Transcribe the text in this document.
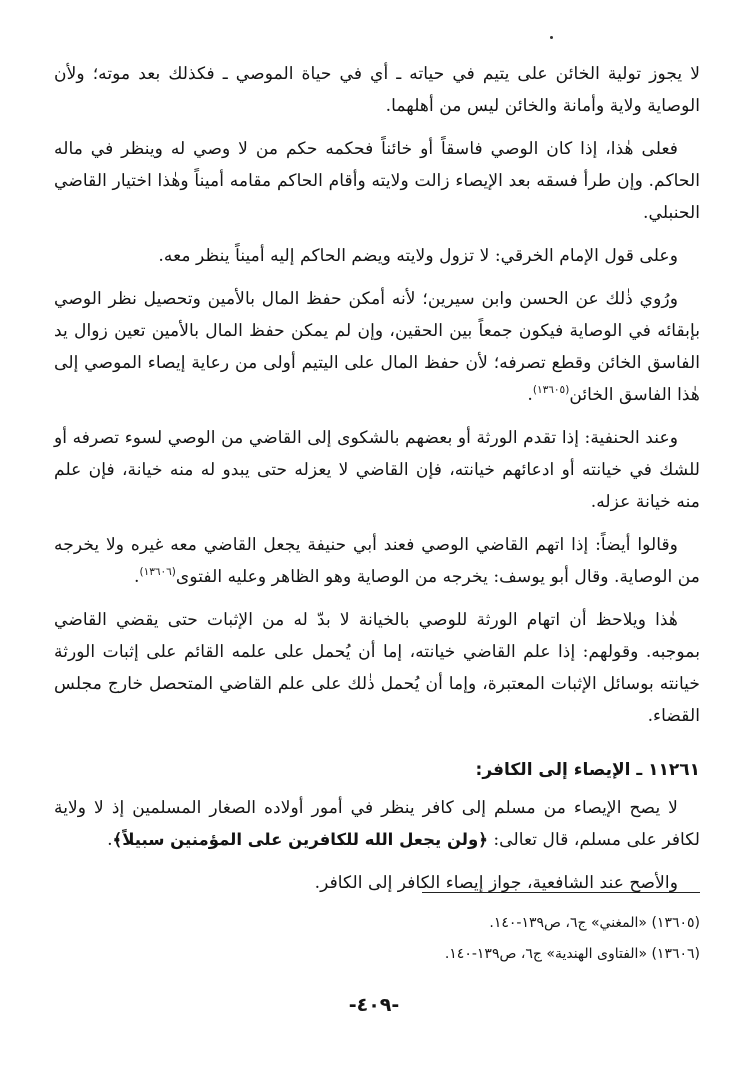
لا يجوز تولية الخائن على يتيم في حياته ـ أي في حياة الموصي ـ فكذلك بعد موته؛ ولأن الوصاية ولاية وأمانة والخائن ليس من أهلهما.

فعلى هٰذا، إذا كان الوصي فاسقاً أو خائناً فحكمه حكم من لا وصي له وينظر في ماله الحاكم. وإن طرأ فسقه بعد الإيصاء زالت ولايته وأقام الحاكم مقامه أميناً وهٰذا اختيار القاضي الحنبلي.

وعلى قول الإمام الخرقي: لا تزول ولايته ويضم الحاكم إليه أميناً ينظر معه.

ورُوي ذٰلك عن الحسن وابن سيرين؛ لأنه أمكن حفظ المال بالأمين وتحصيل نظر الوصي بإبقائه في الوصاية فيكون جمعاً بين الحقين، وإن لم يمكن حفظ المال بالأمين تعين زوال يد الفاسق الخائن وقطع تصرفه؛ لأن حفظ المال على اليتيم أولى من رعاية إيصاء الموصي إلى هٰذا الفاسق الخائن$^{(١٣٦٠٥)}$.

وعند الحنفية: إذا تقدم الورثة أو بعضهم بالشكوى إلى القاضي من الوصي لسوء تصرفه أو للشك في خيانته أو ادعائهم خيانته، فإن القاضي لا يعزله حتى يبدو له منه خيانة، فإن علم منه خيانة عزله.

وقالوا أيضاً: إذا اتهم القاضي الوصي فعند أبي حنيفة يجعل القاضي معه غيره ولا يخرجه من الوصاية. وقال أبو يوسف: يخرجه من الوصاية وهو الظاهر وعليه الفتوى$^{(١٣٦٠٦)}$.

هٰذا ويلاحظ أن اتهام الورثة للوصي بالخيانة لا بدّ له من الإثبات حتى يقضي القاضي بموجبه. وقولهم: إذا علم القاضي خيانته، إما أن يُحمل على علمه القائم على إثبات الورثة خيانته بوسائل الإثبات المعتبرة، وإما أن يُحمل ذٰلك على علم القاضي المتحصل خارج مجلس القضاء.

١١٢٦١ ـ الإيصاء إلى الكافر:

لا يصح الإيصاء من مسلم إلى كافر ينظر في أمور أولاده الصغار المسلمين إذ لا ولاية لكافر على مسلم، قال تعالى: ﴿ولن يجعل الله للكافرين على المؤمنين سبيلاً﴾.

والأصح عند الشافعية، جواز إيصاء الكافر إلى الكافر.

(١٣٦٠٥) «المغني» ج٦، ص١٣٩-١٤٠.
(١٣٦٠٦) «الفتاوى الهندية» ج٦، ص١٣٩-١٤٠.
-٤٠٩-
